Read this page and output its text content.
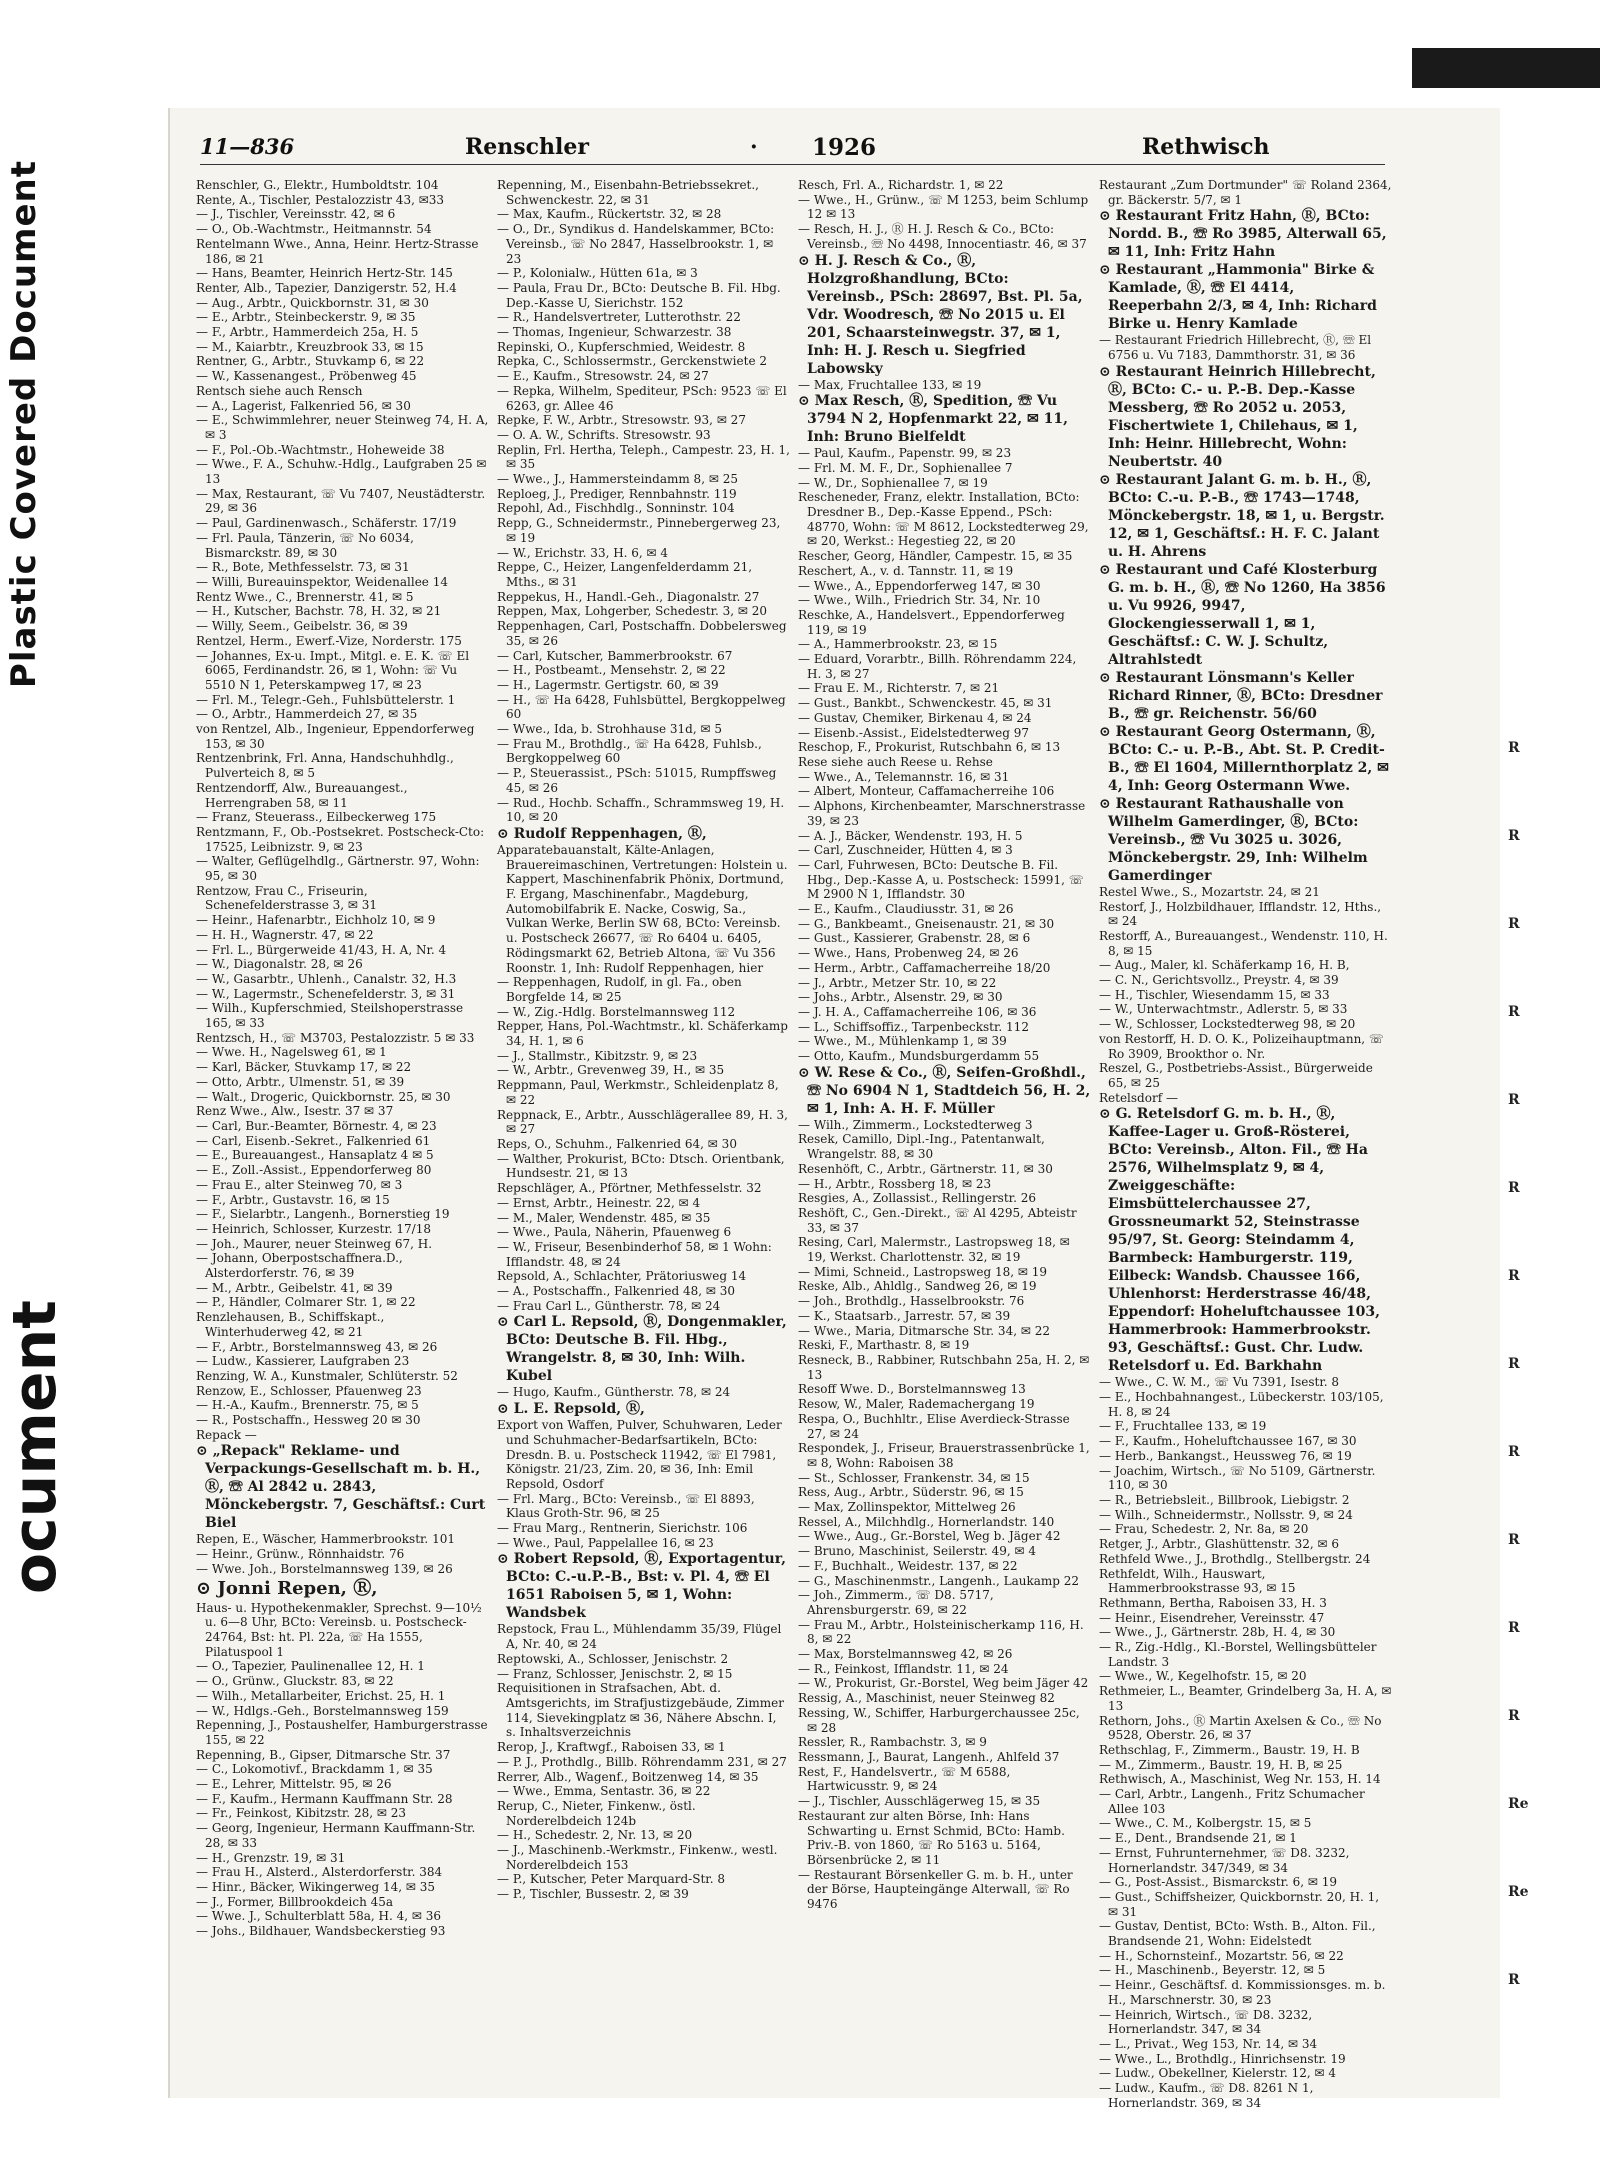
Plastic Covered Document
ocument
11—836	Renschler	· 1926	Rethwisch

Renschler, G., Elektr., Humboldtstr. 104

Rente, A., Tischler, Pestalozzistr 43, ✉33

— J., Tischler, Vereinsstr. 42, ✉ 6

— O., Ob.-Wachtmstr., Heitmannstr. 54

Rentelmann Wwe., Anna, Heinr. Hertz-Strasse 186, ✉ 21

— Hans, Beamter, Heinrich Hertz-Str. 145

Renter, Alb., Tapezier, Danzigerstr. 52, H.4

— Aug., Arbtr., Quickbornstr. 31, ✉ 30

— E., Arbtr., Steinbeckerstr. 9, ✉ 35

— F., Arbtr., Hammerdeich 25a, H. 5

— M., Kaiarbtr., Kreuzbrook 33, ✉ 15

Rentner, G., Arbtr., Stuvkamp 6, ✉ 22

— W., Kassenangest., Pröbenweg 45

Rentsch siehe auch Rensch

— A., Lagerist, Falkenried 56, ✉ 30

— E., Schwimmlehrer, neuer Steinweg 74, H. A, ✉ 3

— F., Pol.-Ob.-Wachtmstr., Hoheweide 38

— Wwe., F. A., Schuhw.-Hdlg., Laufgraben 25 ✉ 13

— Max, Restaurant, ☏ Vu 7407, Neustädterstr. 29, ✉ 36

— Paul, Gardinenwasch., Schäferstr. 17/19

— Frl. Paula, Tänzerin, ☏ No 6034, Bismarckstr. 89, ✉ 30

— R., Bote, Methfesselstr. 73, ✉ 31

— Willi, Bureauinspektor, Weidenallee 14

Rentz Wwe., C., Brennerstr. 41, ✉ 5

— H., Kutscher, Bachstr. 78, H. 32, ✉ 21

— Willy, Seem., Geibelstr. 36, ✉ 39

Rentzel, Herm., Ewerf.-Vize, Norderstr. 175

— Johannes, Ex-u. Impt., Mitgl. e. E. K. ☏ El 6065, Ferdinandstr. 26, ✉ 1, Wohn: ☏ Vu 5510 N 1, Peterskampweg 17, ✉ 23

— Frl. M., Telegr.-Geh., Fuhlsbüttelerstr. 1

— O., Arbtr., Hammerdeich 27, ✉ 35

von Rentzel, Alb., Ingenieur, Eppendorferweg 153, ✉ 30

Rentzenbrink, Frl. Anna, Handschuhhdlg., Pulverteich 8, ✉ 5

Rentzendorff, Alw., Bureauangest., Herrengraben 58, ✉ 11

— Franz, Steuerass., Eilbeckerweg 175

Rentzmann, F., Ob.-Postsekret. Postscheck-Cto: 17525, Leibnizstr. 9, ✉ 23

— Walter, Geflügelhdlg., Gärtnerstr. 97, Wohn: 95, ✉ 30

Rentzow, Frau C., Friseurin, Schenefelderstrasse 3, ✉ 31

— Heinr., Hafenarbtr., Eichholz 10, ✉ 9

— H. H., Wagnerstr. 47, ✉ 22

— Frl. L., Bürgerweide 41/43, H. A, Nr. 4

— W., Diagonalstr. 28, ✉ 26

— W., Gasarbtr., Uhlenh., Canalstr. 32, H.3

— W., Lagermstr., Schenefelderstr. 3, ✉ 31

— Wilh., Kupferschmied, Steilshoperstrasse 165, ✉ 33

Rentzsch, H., ☏ M3703, Pestalozzistr. 5 ✉ 33

— Wwe. H., Nagelsweg 61, ✉ 1

— Karl, Bäcker, Stuvkamp 17, ✉ 22

— Otto, Arbtr., Ulmenstr. 51, ✉ 39

— Walt., Drogeric, Quickbornstr. 25, ✉ 30

Renz Wwe., Alw., Isestr. 37 ✉ 37

— Carl, Bur.-Beamter, Börnestr. 4, ✉ 23

— Carl, Eisenb.-Sekret., Falkenried 61

— E., Bureauangest., Hansaplatz 4 ✉ 5

— E., Zoll.-Assist., Eppendorferweg 80

— Frau E., alter Steinweg 70, ✉ 3

— F., Arbtr., Gustavstr. 16, ✉ 15

— F., Sielarbtr., Langenh., Bornerstieg 19

— Heinrich, Schlosser, Kurzestr. 17/18

— Joh., Maurer, neuer Steinweg 67, H.

— Johann, Oberpostschaffnera.D., Alsterdorferstr. 76, ✉ 39

— M., Arbtr., Geibelstr. 41, ✉ 39

— P., Händler, Colmarer Str. 1, ✉ 22

Renzlehausen, B., Schiffskapt., Winterhuderweg 42, ✉ 21

— F., Arbtr., Borstelmannsweg 43, ✉ 26

— Ludw., Kassierer, Laufgraben 23

Renzing, W. A., Kunstmaler, Schlüterstr. 52

Renzow, E., Schlosser, Pfauenweg 23

— H.-A., Kaufm., Brennerstr. 75, ✉ 5

— R., Postschaffn., Hessweg 20 ✉ 30

Repack —

⊙ „Repack" Reklame- und Verpackungs-Gesellschaft m. b. H., Ⓡ, ☏ Al 2842 u. 2843, Mönckebergstr. 7, Geschäftsf.: Curt Biel

Repen, E., Wäscher, Hammerbrookstr. 101

— Heinr., Grünw., Rönnhaidstr. 76

— Wwe. Joh., Borstelmannsweg 139, ✉ 26

⊙ Jonni Repen, Ⓡ,

Haus- u. Hypothekenmakler, Sprechst. 9—10½ u. 6—8 Uhr, BCto: Vereinsb. u. Postscheck- 24764, Bst: ht. Pl. 22a, ☏ Ha 1555, Pilatuspool 1

— O., Tapezier, Paulinenallee 12, H. 1

— O., Grünw., Gluckstr. 83, ✉ 22

— Wilh., Metallarbeiter, Erichst. 25, H. 1

— W., Hdlgs.-Geh., Borstelmannsweg 159

Repenning, J., Postaushelfer, Hamburgerstrasse 155, ✉ 22

Repenning, B., Gipser, Ditmarsche Str. 37

— C., Lokomotivf., Brackdamm 1, ✉ 35

— E., Lehrer, Mittelstr. 95, ✉ 26

— F., Kaufm., Hermann Kauffmann Str. 28

— Fr., Feinkost, Kibitzstr. 28, ✉ 23

— Georg, Ingenieur, Hermann Kauffmann-Str. 28, ✉ 33

— H., Grenzstr. 19, ✉ 31

— Frau H., Alsterd., Alsterdorferstr. 384

— Hinr., Bäcker, Wikingerweg 14, ✉ 35

— J., Former, Billbrookdeich 45a

— Wwe. J., Schulterblatt 58a, H. 4, ✉ 36

— Johs., Bildhauer, Wandsbeckerstieg 93

Repenning, M., Eisenbahn-Betriebssekret., Schwenckestr. 22, ✉ 31

— Max, Kaufm., Rückertstr. 32, ✉ 28

— O., Dr., Syndikus d. Handelskammer, BCto: Vereinsb., ☏ No 2847, Hasselbrookstr. 1, ✉ 23

— P., Kolonialw., Hütten 61a, ✉ 3

— Paula, Frau Dr., BCto: Deutsche B. Fil. Hbg. Dep.-Kasse U, Sierichstr. 152

— R., Handelsvertreter, Lutterothstr. 22

— Thomas, Ingenieur, Schwarzestr. 38

Repinski, O., Kupferschmied, Weidestr. 8

Repka, C., Schlossermstr., Gerckenstwiete 2

— E., Kaufm., Stresowstr. 24, ✉ 27

— Repka, Wilhelm, Spediteur, PSch: 9523 ☏ El 6263, gr. Allee 46

Repke, F. W., Arbtr., Stresowstr. 93, ✉ 27

— O. A. W., Schrifts. Stresowstr. 93

Replin, Frl. Hertha, Teleph., Campestr. 23, H. 1, ✉ 35

— Wwe., J., Hammersteindamm 8, ✉ 25

Reploeg, J., Prediger, Rennbahnstr. 119

Repohl, Ad., Fischhdlg., Sonninstr. 104

Repp, G., Schneidermstr., Pinnebergerweg 23, ✉ 19

— W., Erichstr. 33, H. 6, ✉ 4

Reppe, C., Heizer, Langenfelderdamm 21, Mths., ✉ 31

Reppekus, H., Handl.-Geh., Diagonalstr. 27

Reppen, Max, Lohgerber, Schedestr. 3, ✉ 20

Reppenhagen, Carl, Postschaffn. Dobbelersweg 35, ✉ 26

— Carl, Kutscher, Bammerbrookstr. 67

— H., Postbeamt., Mensehstr. 2, ✉ 22

— H., Lagermstr. Gertigstr. 60, ✉ 39

— H., ☏ Ha 6428, Fuhlsbüttel, Bergkoppelweg 60

— Wwe., Ida, b. Strohhause 31d, ✉ 5

— Frau M., Brothdlg., ☏ Ha 6428, Fuhlsb., Bergkoppelweg 60

— P., Steuerassist., PSch: 51015, Rumpffsweg 45, ✉ 26

— Rud., Hochb. Schaffn., Schrammsweg 19, H. 10, ✉ 20

⊙ Rudolf Reppenhagen, Ⓡ,

Apparatebauanstalt, Kälte-Anlagen, Brauereimaschinen, Vertretungen: Holstein u. Kappert, Maschinenfabrik Phönix, Dortmund, F. Ergang, Maschinenfabr., Magdeburg, Automobilfabrik E. Nacke, Coswig, Sa., Vulkan Werke, Berlin SW 68, BCto: Vereinsb. u. Postscheck 26677, ☏ Ro 6404 u. 6405, Rödingsmarkt 62, Betrieb Altona, ☏ Vu 356 Roonstr. 1, Inh: Rudolf Reppenhagen, hier

— Reppenhagen, Rudolf, in gl. Fa., oben Borgfelde 14, ✉ 25

— W., Zig.-Hdlg. Borstelmannsweg 112

Repper, Hans, Pol.-Wachtmstr., kl. Schäferkamp 34, H. 1, ✉ 6

— J., Stallmstr., Kibitzstr. 9, ✉ 23

— W., Arbtr., Grevenweg 39, H., ✉ 35

Reppmann, Paul, Werkmstr., Schleidenplatz 8, ✉ 22

Reppnack, E., Arbtr., Ausschlägerallee 89, H. 3, ✉ 27

Reps, O., Schuhm., Falkenried 64, ✉ 30

— Walther, Prokurist, BCto: Dtsch. Orientbank, Hundsestr. 21, ✉ 13

Repschläger, A., Pförtner, Methfesselstr. 32

— Ernst, Arbtr., Heinestr. 22, ✉ 4

— M., Maler, Wendenstr. 485, ✉ 35

— Wwe., Paula, Näherin, Pfauenweg 6

— W., Friseur, Besenbinderhof 58, ✉ 1 Wohn: Ifflandstr. 48, ✉ 24

Repsold, A., Schlachter, Prätoriusweg 14

— A., Postschaffn., Falkenried 48, ✉ 30

— Frau Carl L., Güntherstr. 78, ✉ 24

⊙ Carl L. Repsold, Ⓡ, Dongenmakler, BCto: Deutsche B. Fil. Hbg., Wrangelstr. 8, ✉ 30, Inh: Wilh. Kubel

— Hugo, Kaufm., Güntherstr. 78, ✉ 24

⊙ L. E. Repsold, Ⓡ,

Export von Waffen, Pulver, Schuhwaren, Leder und Schuhmacher-Bedarfsartikeln, BCto: Dresdn. B. u. Postscheck 11942, ☏ El 7981, Königstr. 21/23, Zim. 20, ✉ 36, Inh: Emil Repsold, Osdorf

— Frl. Marg., BCto: Vereinsb., ☏ El 8893, Klaus Groth-Str. 96, ✉ 25

— Frau Marg., Rentnerin, Sierichstr. 106

— Wwe., Paul, Pappelallee 16, ✉ 23

⊙ Robert Repsold, Ⓡ, Exportagentur, BCto: C.-u.P.-B., Bst: v. Pl. 4, ☏ El 1651 Raboisen 5, ✉ 1, Wohn: Wandsbek

Repstock, Frau L., Mühlendamm 35/39, Flügel A, Nr. 40, ✉ 24

Reptowski, A., Schlosser, Jenischstr. 2

— Franz, Schlosser, Jenischstr. 2, ✉ 15

Requisitionen in Strafsachen, Abt. d. Amtsgerichts, im Strafjustizgebäude, Zimmer 114, Sievekingplatz ✉ 36, Nähere Abschn. I, s. Inhaltsverzeichnis

Rerop, J., Kraftwgf., Raboisen 33, ✉ 1

— P. J., Prothdlg., Billb. Röhrendamm 231, ✉ 27

Rerrer, Alb., Wagenf., Boitzenweg 14, ✉ 35

— Wwe., Emma, Sentastr. 36, ✉ 22

Rerup, C., Nieter, Finkenw., östl. Norderelbdeich 124b

— H., Schedestr. 2, Nr. 13, ✉ 20

— J., Maschinenb.-Werkmstr., Finkenw., westl. Norderelbdeich 153

— P., Kutscher, Peter Marquard-Str. 8

— P., Tischler, Bussestr. 2, ✉ 39

Resch, Frl. A., Richardstr. 1, ✉ 22

— Wwe., H., Grünw., ☏ M 1253, beim Schlump 12 ✉ 13

— Resch, H. J., Ⓡ H. J. Resch & Co., BCto: Vereinsb., ☏ No 4498, Innocentiastr. 46, ✉ 37

⊙ H. J. Resch & Co., Ⓡ, Holzgroßhandlung, BCto: Vereinsb., PSch: 28697, Bst. Pl. 5a, Vdr. Woodresch, ☏ No 2015 u. El 201, Schaarsteinwegstr. 37, ✉ 1, Inh: H. J. Resch u. Siegfried Labowsky

— Max, Fruchtallee 133, ✉ 19

⊙ Max Resch, Ⓡ, Spedition, ☏ Vu 3794 N 2, Hopfenmarkt 22, ✉ 11, Inh: Bruno Bielfeldt

— Paul, Kaufm., Papenstr. 99, ✉ 23

— Frl. M. M. F., Dr., Sophienallee 7

— W., Dr., Sophienallee 7, ✉ 19

Rescheneder, Franz, elektr. Installation, BCto: Dresdner B., Dep.-Kasse Eppend., PSch: 48770, Wohn: ☏ M 8612, Lockstedterweg 29, ✉ 20, Werkst.: Hegestieg 22, ✉ 20

Rescher, Georg, Händler, Campestr. 15, ✉ 35

Reschert, A., v. d. Tannstr. 11, ✉ 19

— Wwe., A., Eppendorferweg 147, ✉ 30

— Wwe., Wilh., Friedrich Str. 34, Nr. 10

Reschke, A., Handelsvert., Eppendorferweg 119, ✉ 19

— A., Hammerbrookstr. 23, ✉ 15

— Eduard, Vorarbtr., Billh. Röhrendamm 224, H. 3, ✉ 27

— Frau E. M., Richterstr. 7, ✉ 21

— Gust., Bankbt., Schwenckestr. 45, ✉ 31

— Gustav, Chemiker, Birkenau 4, ✉ 24

— Eisenb.-Assist., Eidelstedterweg 97

Reschop, F., Prokurist, Rutschbahn 6, ✉ 13

Rese siehe auch Reese u. Rehse

— Wwe., A., Telemannstr. 16, ✉ 31

— Albert, Monteur, Caffamacherreihe 106

— Alphons, Kirchenbeamter, Marschnerstrasse 39, ✉ 23

— A. J., Bäcker, Wendenstr. 193, H. 5

— Carl, Zuschneider, Hütten 4, ✉ 3

— Carl, Fuhrwesen, BCto: Deutsche B. Fil. Hbg., Dep.-Kasse A, u. Postscheck: 15991, ☏ M 2900 N 1, Ifflandstr. 30

— E., Kaufm., Claudiusstr. 31, ✉ 26

— G., Bankbeamt., Gneisenaustr. 21, ✉ 30

— Gust., Kassierer, Grabenstr. 28, ✉ 6

— Wwe., Hans, Probenweg 24, ✉ 26

— Herm., Arbtr., Caffamacherreihe 18/20

— J., Arbtr., Metzer Str. 10, ✉ 22

— Johs., Arbtr., Alsenstr. 29, ✉ 30

— J. H. A., Caffamacherreihe 106, ✉ 36

— L., Schiffsoffiz., Tarpenbeckstr. 112

— Wwe., M., Mühlenkamp 1, ✉ 39

— Otto, Kaufm., Mundsburgerdamm 55

⊙ W. Rese & Co., Ⓡ, Seifen-Großhdl., ☏ No 6904 N 1, Stadtdeich 56, H. 2, ✉ 1, Inh: A. H. F. Müller

— Wilh., Zimmerm., Lockstedterweg 3

Resek, Camillo, Dipl.-Ing., Patentanwalt, Wrangelstr. 88, ✉ 30

Resenhöft, C., Arbtr., Gärtnerstr. 11, ✉ 30

— H., Arbtr., Rossberg 18, ✉ 23

Resgies, A., Zollassist., Rellingerstr. 26

Reshöft, C., Gen.-Direkt., ☏ Al 4295, Abteistr 33, ✉ 37

Resing, Carl, Malermstr., Lastropsweg 18, ✉ 19, Werkst. Charlottenstr. 32, ✉ 19

— Mimi, Schneid., Lastropsweg 18, ✉ 19

Reske, Alb., Ahldlg., Sandweg 26, ✉ 19

— Joh., Brothdlg., Hasselbrookstr. 76

— K., Staatsarb., Jarrestr. 57, ✉ 39

— Wwe., Maria, Ditmarsche Str. 34, ✉ 22

Reski, F., Marthastr. 8, ✉ 19

Resneck, B., Rabbiner, Rutschbahn 25a, H. 2, ✉ 13

Resoff Wwe. D., Borstelmannsweg 13

Resow, W., Maler, Rademachergang 19

Respa, O., Buchhltr., Elise Averdieck-Strasse 27, ✉ 24

Respondek, J., Friseur, Brauerstrassenbrücke 1, ✉ 8, Wohn: Raboisen 38

— St., Schlosser, Frankenstr. 34, ✉ 15

Ress, Aug., Arbtr., Süderstr. 96, ✉ 15

— Max, Zollinspektor, Mittelweg 26

Ressel, A., Milchhdlg., Hornerlandstr. 140

— Wwe., Aug., Gr.-Borstel, Weg b. Jäger 42

— Bruno, Maschinist, Seilerstr. 49, ✉ 4

— F., Buchhalt., Weidestr. 137, ✉ 22

— G., Maschinenmstr., Langenh., Laukamp 22

— Joh., Zimmerm., ☏ D8. 5717, Ahrensburgerstr. 69, ✉ 22

— Frau M., Arbtr., Holsteinischerkamp 116, H. 8, ✉ 22

— Max, Borstelmannsweg 42, ✉ 26

— R., Feinkost, Ifflandstr. 11, ✉ 24

— W., Prokurist, Gr.-Borstel, Weg beim Jäger 42

Ressig, A., Maschinist, neuer Steinweg 82

Ressing, W., Schiffer, Harburgerchaussee 25c, ✉ 28

Ressler, R., Rambachstr. 3, ✉ 9

Ressmann, J., Baurat, Langenh., Ahlfeld 37

Rest, F., Handelsvertr., ☏ M 6588, Hartwicusstr. 9, ✉ 24

— J., Tischler, Ausschlägerweg 15, ✉ 35

Restaurant zur alten Börse, Inh: Hans Schwarting u. Ernst Schmid, BCto: Hamb. Priv.-B. von 1860, ☏ Ro 5163 u. 5164, Börsenbrücke 2, ✉ 11

— Restaurant Börsenkeller G. m. b. H., unter der Börse, Haupteingänge Alterwall, ☏ Ro 9476

Restaurant „Zum Dortmunder" ☏ Roland 2364, gr. Bäckerstr. 5/7, ✉ 1

⊙ Restaurant Fritz Hahn, Ⓡ, BCto: Nordd. B., ☏ Ro 3985, Alterwall 65, ✉ 11, Inh: Fritz Hahn

⊙ Restaurant „Hammonia" Birke & Kamlade, Ⓡ, ☏ El 4414, Reeperbahn 2/3, ✉ 4, Inh: Richard Birke u. Henry Kamlade

— Restaurant Friedrich Hillebrecht, Ⓡ, ☏ El 6756 u. Vu 7183, Dammthorstr. 31, ✉ 36

⊙ Restaurant Heinrich Hillebrecht, Ⓡ, BCto: C.- u. P.-B. Dep.-Kasse Messberg, ☏ Ro 2052 u. 2053, Fischertwiete 1, Chilehaus, ✉ 1, Inh: Heinr. Hillebrecht, Wohn: Neubertstr. 40

⊙ Restaurant Jalant G. m. b. H., Ⓡ, BCto: C.-u. P.-B., ☏ 1743—1748, Mönckebergstr. 18, ✉ 1, u. Bergstr. 12, ✉ 1, Geschäftsf.: H. F. C. Jalant u. H. Ahrens

⊙ Restaurant und Café Klosterburg G. m. b. H., Ⓡ, ☏ No 1260, Ha 3856 u. Vu 9926, 9947, Glockengiesserwall 1, ✉ 1, Geschäftsf.: C. W. J. Schultz, Altrahlstedt

⊙ Restaurant Lönsmann's Keller Richard Rinner, Ⓡ, BCto: Dresdner B., ☏ gr. Reichenstr. 56/60

⊙ Restaurant Georg Ostermann, Ⓡ, BCto: C.- u. P.-B., Abt. St. P. Credit-B., ☏ El 1604, Millernthorplatz 2, ✉ 4, Inh: Georg Ostermann Wwe.

⊙ Restaurant Rathaushalle von Wilhelm Gamerdinger, Ⓡ, BCto: Vereinsb., ☏ Vu 3025 u. 3026, Mönckebergstr. 29, Inh: Wilhelm Gamerdinger

Restel Wwe., S., Mozartstr. 24, ✉ 21

Restorf, J., Holzbildhauer, Ifflandstr. 12, Hths., ✉ 24

Restorff, A., Bureauangest., Wendenstr. 110, H. 8, ✉ 15

— Aug., Maler, kl. Schäferkamp 16, H. B,

— C. N., Gerichtsvollz., Preystr. 4, ✉ 39

— H., Tischler, Wiesendamm 15, ✉ 33

— W., Unterwachtmstr., Adlerstr. 5, ✉ 33

— W., Schlosser, Lockstedterweg 98, ✉ 20

von Restorff, H. D. O. K., Polizeihauptmann, ☏ Ro 3909, Brookthor o. Nr.

Reszel, G., Postbetriebs-Assist., Bürgerweide 65, ✉ 25

Retelsdorf —

⊙ G. Retelsdorf G. m. b. H., Ⓡ, Kaffee-Lager u. Groß-Rösterei, BCto: Vereinsb., Alton. Fil., ☏ Ha 2576, Wilhelmsplatz 9, ✉ 4, Zweiggeschäfte: Eimsbüttelerchaussee 27, Grossneumarkt 52, Steinstrasse 95/97, St. Georg: Steindamm 4, Barmbeck: Hamburgerstr. 119, Eilbeck: Wandsb. Chaussee 166, Uhlenhorst: Herderstrasse 46/48, Eppendorf: Hoheluftchaussee 103, Hammerbrook: Hammerbrookstr. 93, Geschäftsf.: Gust. Chr. Ludw. Retelsdorf u. Ed. Barkhahn

— Wwe., C. W. M., ☏ Vu 7391, Isestr. 8

— E., Hochbahnangest., Lübeckerstr. 103/105, H. 8, ✉ 24

— F., Fruchtallee 133, ✉ 19

— F., Kaufm., Hoheluftchaussee 167, ✉ 30

— Herb., Bankangst., Heussweg 76, ✉ 19

— Joachim, Wirtsch., ☏ No 5109, Gärtnerstr. 110, ✉ 30

— R., Betriebsleit., Billbrook, Liebigstr. 2

— Wilh., Schneidermstr., Nollsstr. 9, ✉ 24

— Frau, Schedestr. 2, Nr. 8a, ✉ 20

Retger, J., Arbtr., Glashüttenstr. 32, ✉ 6

Rethfeld Wwe., J., Brothdlg., Stellbergstr. 24

Rethfeldt, Wilh., Hauswart, Hammerbrookstrasse 93, ✉ 15

Rethmann, Bertha, Raboisen 33, H. 3

— Heinr., Eisendreher, Vereinsstr. 47

— Wwe., J., Gärtnerstr. 28b, H. 4, ✉ 30

— R., Zig.-Hdlg., Kl.-Borstel, Wellingsbütteler Landstr. 3

— Wwe., W., Kegelhofstr. 15, ✉ 20

Rethmeier, L., Beamter, Grindelberg 3a, H. A, ✉ 13

Rethorn, Johs., Ⓡ Martin Axelsen & Co., ☏ No 9528, Oberstr. 26, ✉ 37

Rethschlag, F., Zimmerm., Baustr. 19, H. B

— M., Zimmerm., Baustr. 19, H. B, ✉ 25

Rethwisch, A., Maschinist, Weg Nr. 153, H. 14

— Carl, Arbtr., Langenh., Fritz Schumacher Allee 103

— Wwe., C. M., Kolbergstr. 15, ✉ 5

— E., Dent., Brandsende 21, ✉ 1

— Ernst, Fuhrunternehmer, ☏ D8. 3232, Hornerlandstr. 347/349, ✉ 34

— G., Post-Assist., Bismarckstr. 6, ✉ 19

— Gust., Schiffsheizer, Quickbornstr. 20, H. 1, ✉ 31

— Gustav, Dentist, BCto: Wsth. B., Alton. Fil., Brandsende 21, Wohn: Eidelstedt

— H., Schornsteinf., Mozartstr. 56, ✉ 22

— H., Maschinenb., Beyerstr. 12, ✉ 5

— Heinr., Geschäftsf. d. Kommissionsges. m. b. H., Marschnerstr. 30, ✉ 23

— Heinrich, Wirtsch., ☏ D8. 3232, Hornerlandstr. 347, ✉ 34

— L., Privat., Weg 153, Nr. 14, ✉ 34

— Wwe., L., Brothdlg., Hinrichsenstr. 19

— Ludw., Obekellner, Kielerstr. 12, ✉ 4

— Ludw., Kaufm., ☏ D8. 8261 N 1, Hornerlandstr. 369, ✉ 34

R
R
R
R
R
R
R
R
R
R
R
R
Re
Re
R
